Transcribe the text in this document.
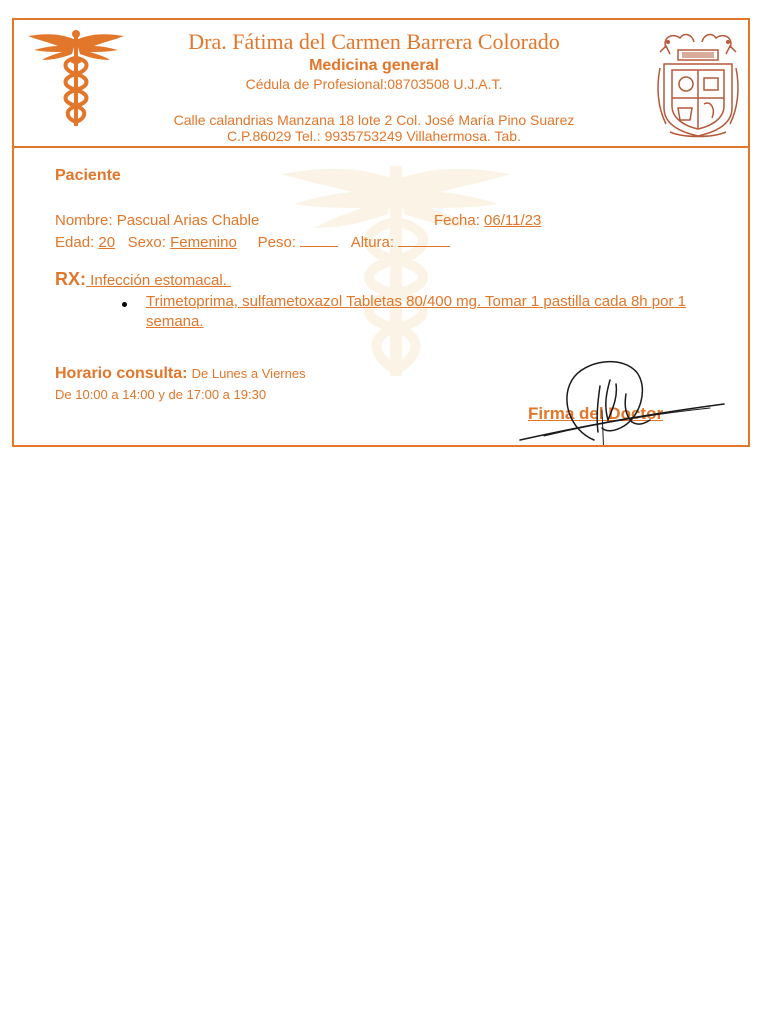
Dra. Fátima del Carmen Barrera Colorado
Medicina general
Cédula de Profesional:08703508 U.J.A.T.
Calle calandrias Manzana 18 lote 2 Col. José María Pino Suarez
C.P.86029 Tel.: 9935753249 Villahermosa. Tab.
Paciente
Nombre: Pascual Arias Chable	Fecha: 06/11/23
Edad: 20 Sexo: Femenino Peso:	Altura:
RX: Infección estomacal.
Trimetoprima, sulfametoxazol Tabletas 80/400 mg. Tomar 1 pastilla cada 8h por 1 semana.
Horario consulta: De Lunes a Viernes
De 10:00 a 14:00 y de 17:00 a 19:30
Firma del Doctor
